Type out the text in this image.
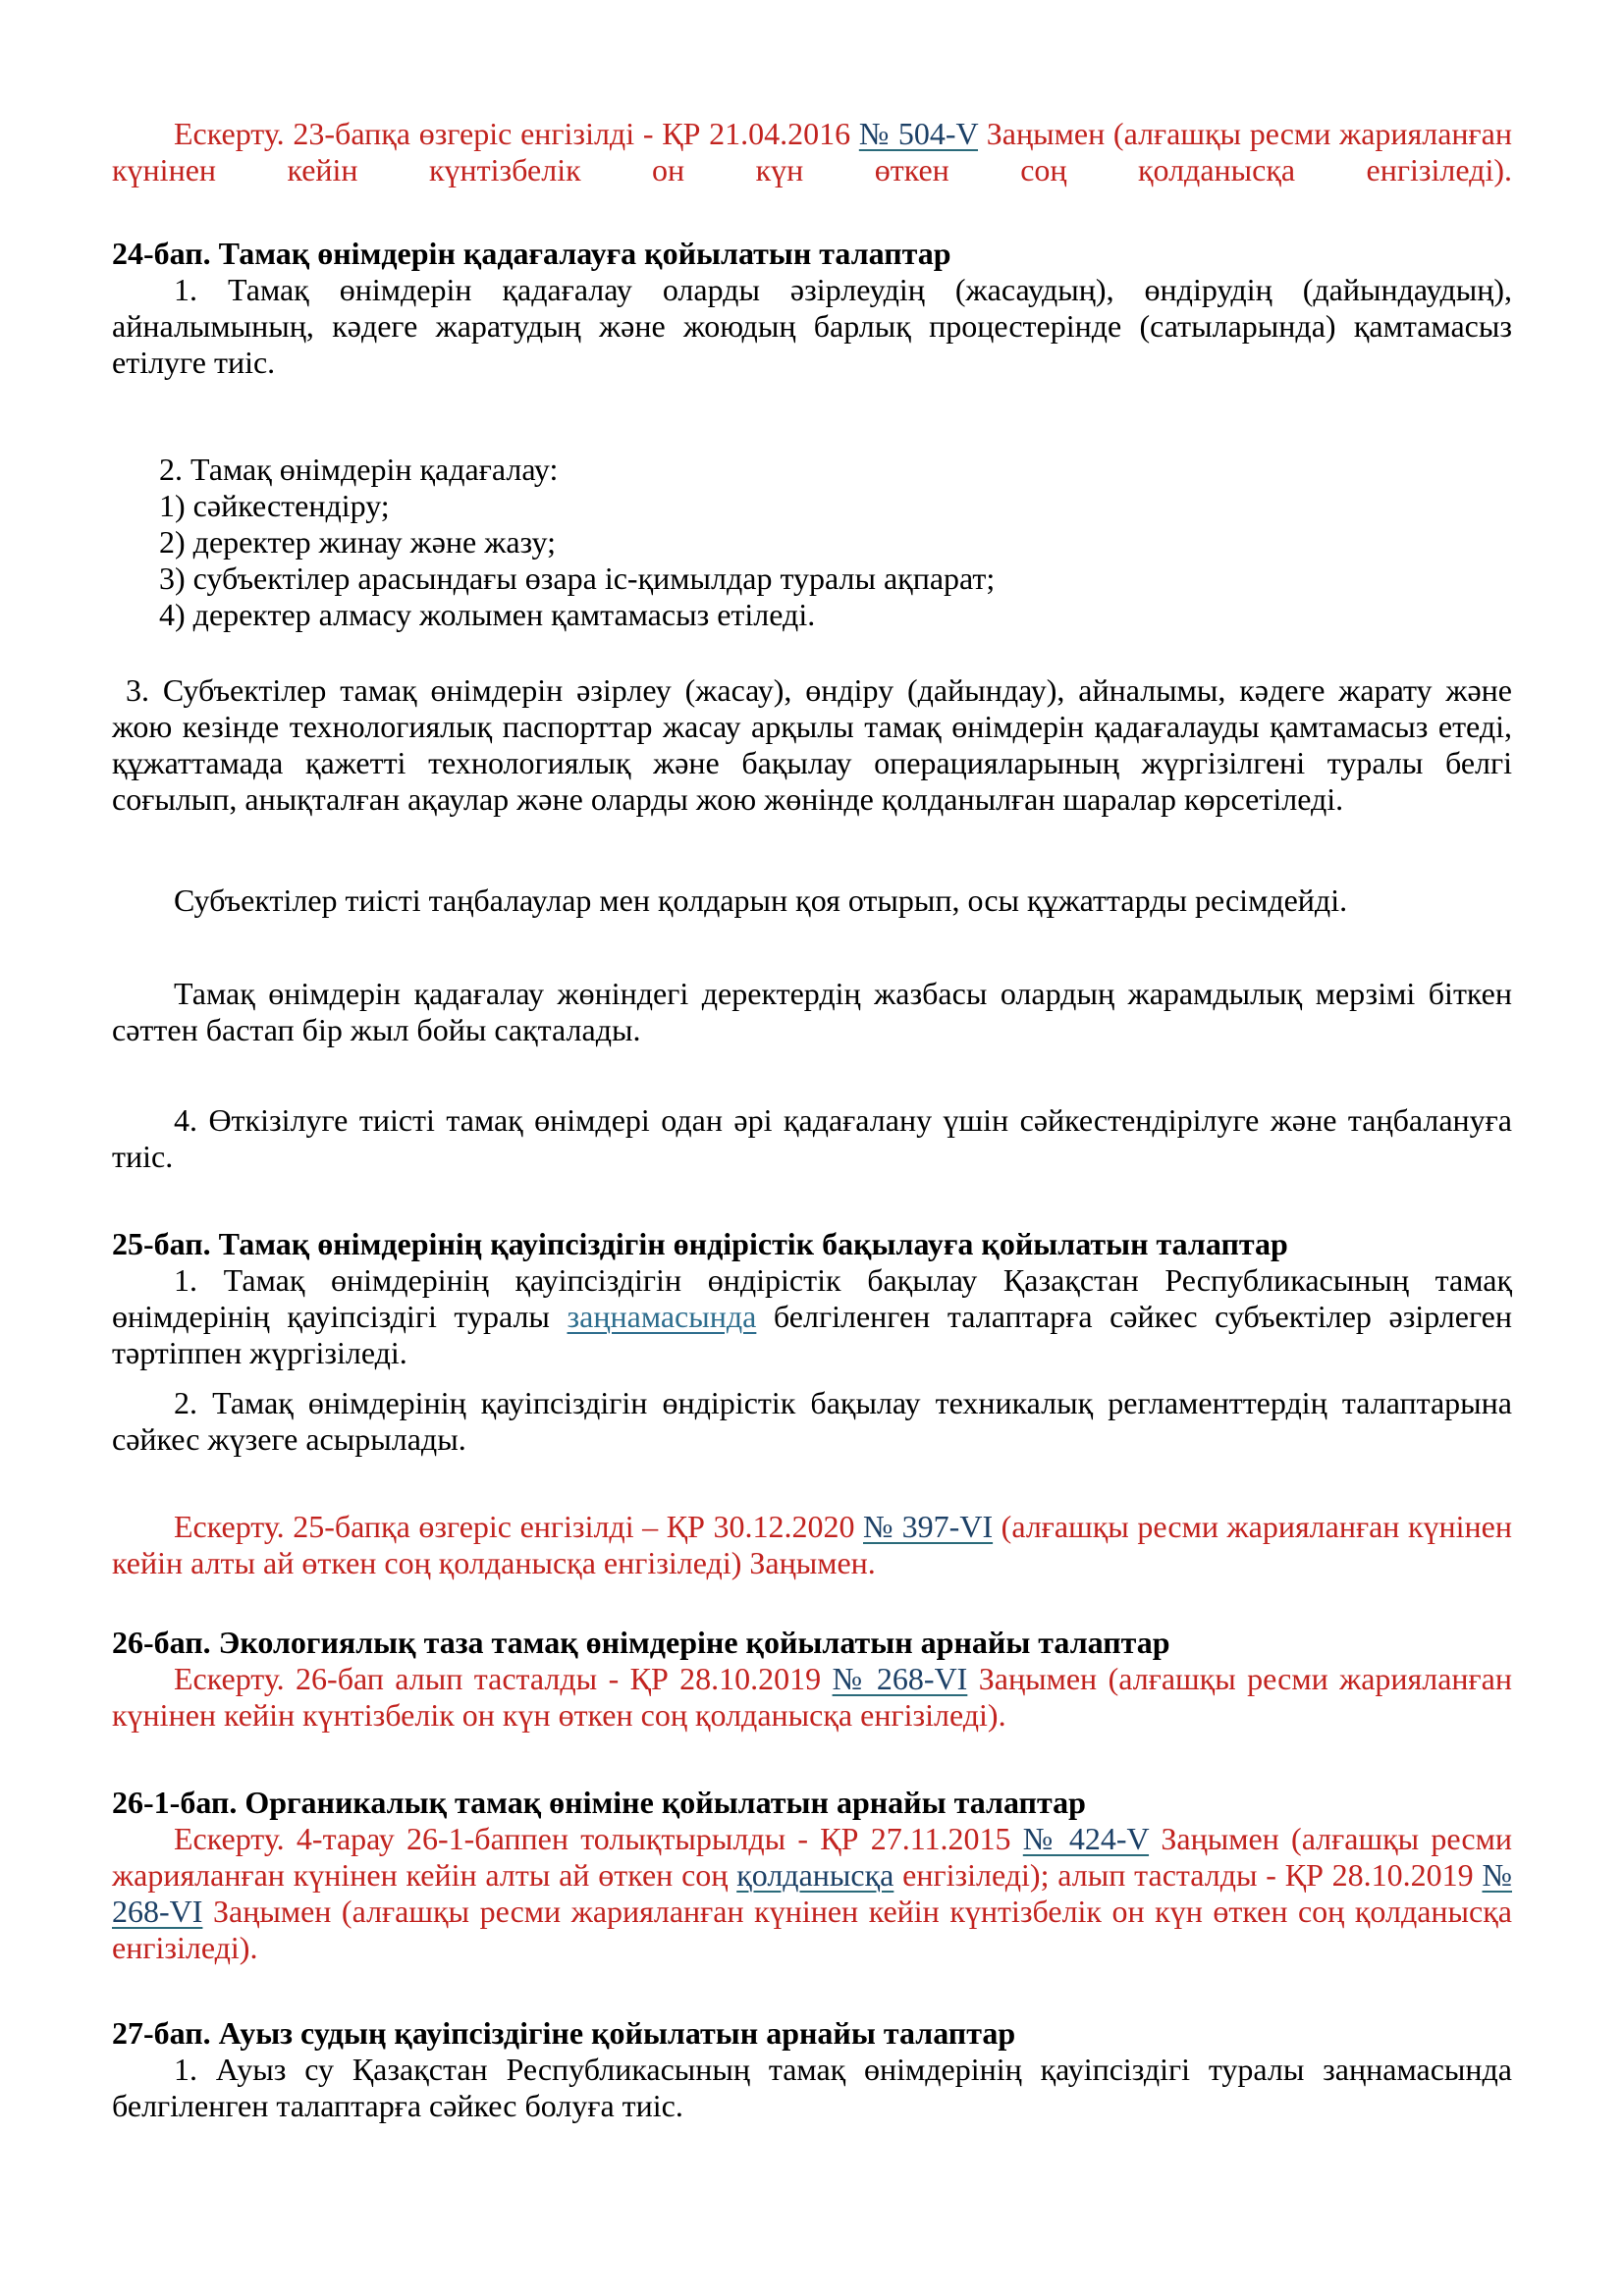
Ескерту. 23-бапқа өзгеріс енгізілді - ҚР 21.04.2016 № 504-V Заңымен (алғашқы ресми жарияланған күнінен кейін күнтізбелік он күн өткен соң қолданысқа енгізіледі).

24-бап. Тамақ өнімдерін қадағалауға қойылатын талаптар

1. Тамақ өнімдерін қадағалау оларды әзірлеудің (жасаудың), өндірудің (дайындаудың), айналымының, кәдеге жаратудың және жоюдың барлық процестерінде (сатыларында) қамтамасыз етілуге тиіс.

2. Тамақ өнімдерін қадағалау:

1) сәйкестендіру;

2) деректер жинау және жазу;

3) субъектілер арасындағы өзара іс-қимылдар туралы ақпарат;

4) деректер алмасу жолымен қамтамасыз етіледі.

3. Субъектілер тамақ өнімдерін әзірлеу (жасау), өндіру (дайындау), айналымы, кәдеге жарату және жою кезінде технологиялық паспорттар жасау арқылы тамақ өнімдерін қадағалауды қамтамасыз етеді, құжаттамада қажетті технологиялық және бақылау операцияларының жүргізілгені туралы белгі соғылып, анықталған ақаулар және оларды жою жөнінде қолданылған шаралар көрсетіледі.

Субъектілер тиісті таңбалаулар мен қолдарын қоя отырып, осы құжаттарды ресімдейді.

Тамақ өнімдерін қадағалау жөніндегі деректердің жазбасы олардың жарамдылық мерзімі біткен сәттен бастап бір жыл бойы сақталады.

4. Өткізілуге тиісті тамақ өнімдері одан әрі қадағалану үшін сәйкестендірілуге және таңбалануға тиіс.

25-бап. Тамақ өнімдерінің қауіпсіздігін өндірістік бақылауға қойылатын талаптар

1. Тамақ өнімдерінің қауіпсіздігін өндірістік бақылау Қазақстан Республикасының тамақ өнімдерінің қауіпсіздігі туралы заңнамасында белгіленген талаптарға сәйкес субъектілер әзірлеген тәртіппен жүргізіледі.

2. Тамақ өнімдерінің қауіпсіздігін өндірістік бақылау техникалық регламенттердің талаптарына сәйкес жүзеге асырылады.

Ескерту. 25-бапқа өзгеріс енгізілді – ҚР 30.12.2020 № 397-VI (алғашқы ресми жарияланған күнінен кейін алты ай өткен соң қолданысқа енгізіледі) Заңымен.

26-бап. Экологиялық таза тамақ өнімдеріне қойылатын арнайы талаптар

Ескерту. 26-бап алып тасталды - ҚР 28.10.2019 № 268-VI Заңымен (алғашқы ресми жарияланған күнінен кейін күнтізбелік он күн өткен соң қолданысқа енгізіледі).

26-1-бап. Органикалық тамақ өніміне қойылатын арнайы талаптар

Ескерту. 4-тарау 26-1-баппен толықтырылды - ҚР 27.11.2015 № 424-V Заңымен (алғашқы ресми жарияланған күнінен кейін алты ай өткен соң қолданысқа енгізіледі); алып тасталды - ҚР 28.10.2019 № 268-VI Заңымен (алғашқы ресми жарияланған күнінен кейін күнтізбелік он күн өткен соң қолданысқа енгізіледі).

27-бап. Ауыз судың қауіпсіздігіне қойылатын арнайы талаптар

1. Ауыз су Қазақстан Республикасының тамақ өнімдерінің қауіпсіздігі туралы заңнамасында белгіленген талаптарға сәйкес болуға тиіс.
